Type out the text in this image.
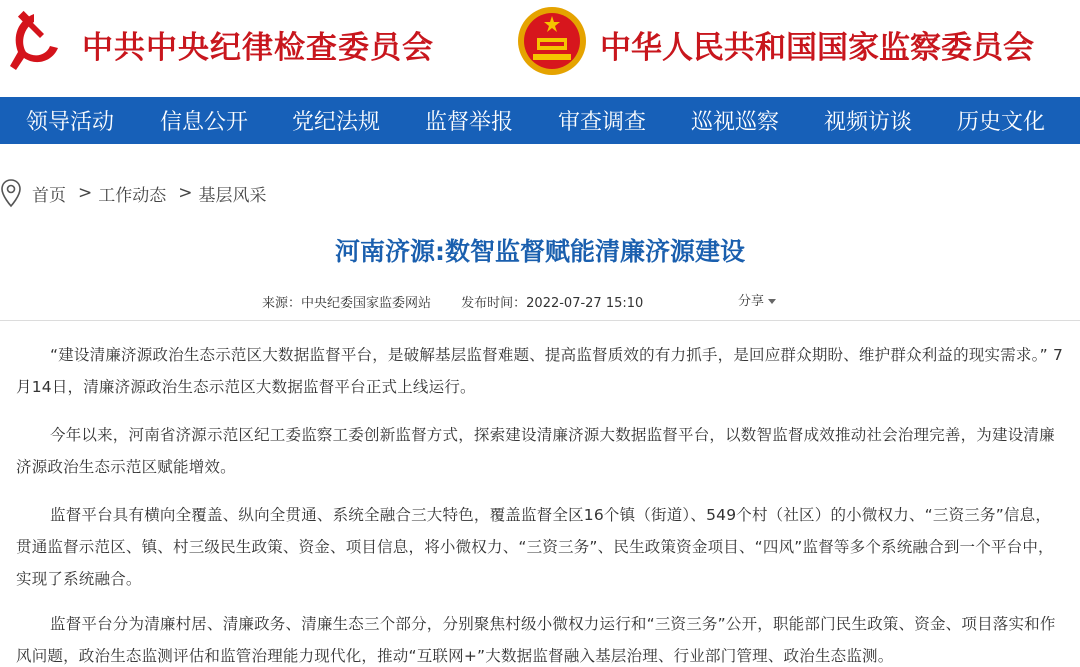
中共中央纪律检查委员会	中华人民共和国国家监察委员会
领导活动 信息公开 党纪法规 监督举报 审查调查 巡视巡察 视频访谈 历史文化
首页 > 工作动态 > 基层风采
河南济源:数智监督赋能清廉济源建设
来源：中央纪委国家监委网站 发布时间：2022-07-27 15:10	分享

“建设清廉济源政治生态示范区大数据监督平台，是破解基层监督难题、提高监督质效的有力抓手，是回应群众期盼、维护群众利益的现实需求。” 7月14日，清廉济源政治生态示范区大数据监督平台正式上线运行。

今年以来，河南省济源示范区纪工委监察工委创新监督方式，探索建设清廉济源大数据监督平台，以数智监督成效推动社会治理完善，为建设清廉济源政治生态示范区赋能增效。

监督平台具有横向全覆盖、纵向全贯通、系统全融合三大特色，覆盖监督全区16个镇（街道）、549个村（社区）的小微权力、“三资三务”信息，贯通监督示范区、镇、村三级民生政策、资金、项目信息，将小微权力、“三资三务”、民生政策资金项目、“四风”监督等多个系统融合到一个平台中，实现了系统融合。

监督平台分为清廉村居、清廉政务、清廉生态三个部分，分别聚焦村级小微权力运行和“三资三务”公开，职能部门民生政策、资金、项目落实和作风问题，政治生态监测评估和监管治理能力现代化，推动“互联网+”大数据监督融入基层治理、行业部门管理、政治生态监测。
